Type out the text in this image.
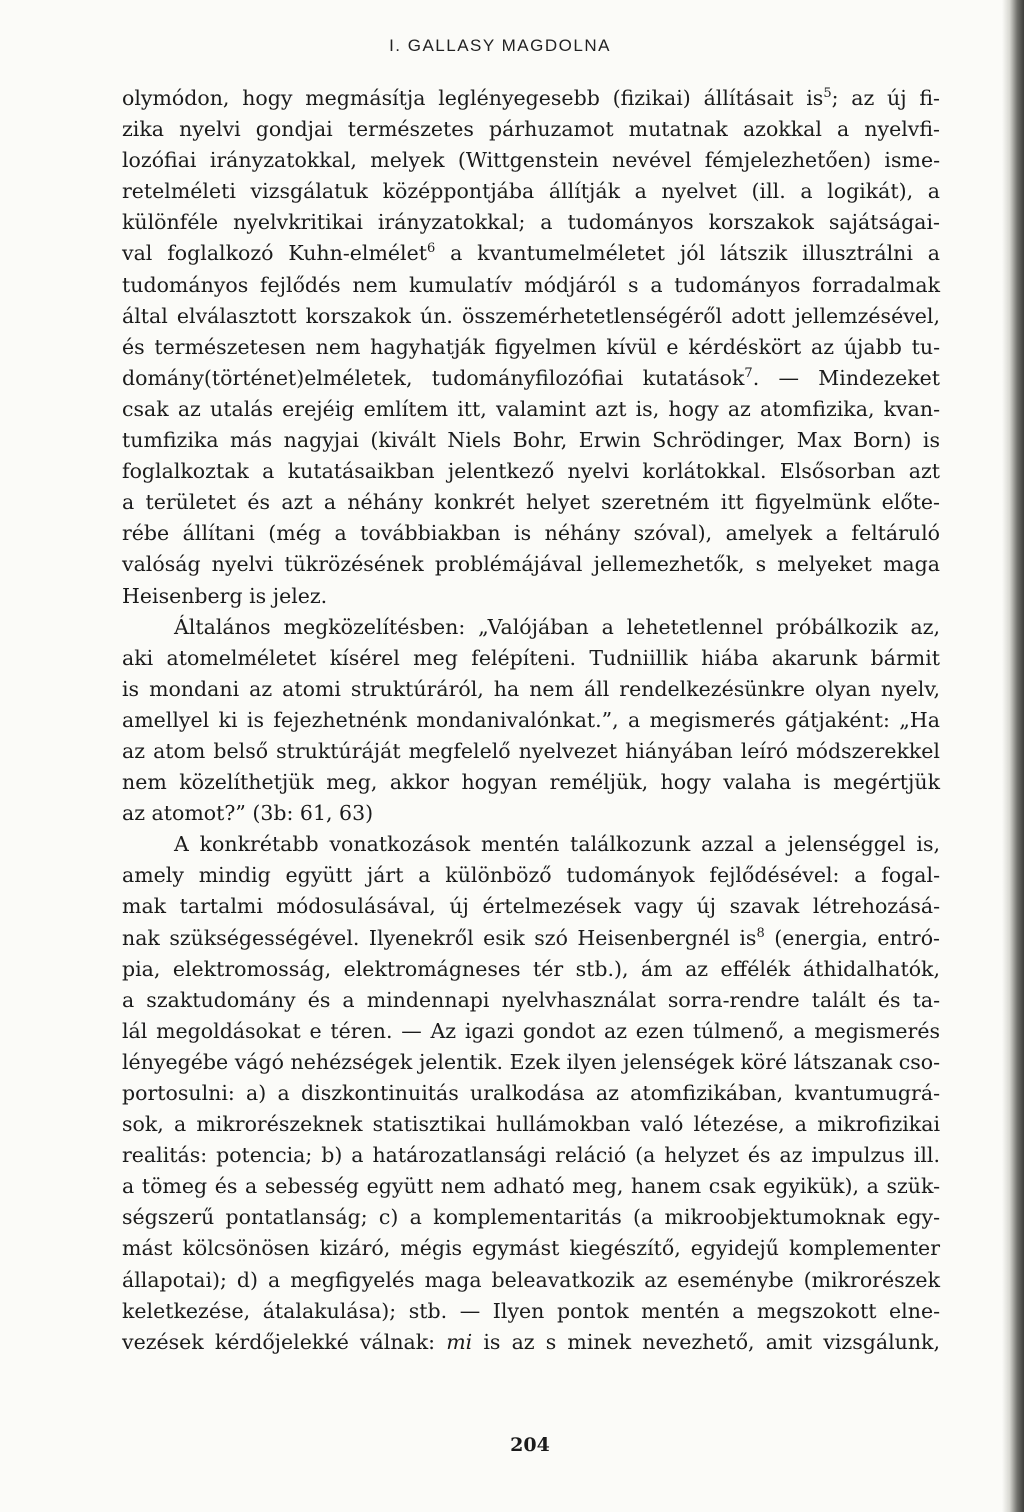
I. GALLASY MAGDOLNA
olymódon, hogy megmásítja leglényegesebb (fizikai) állításait $is^5$; az új fi-
zika nyelvi gondjai természetes párhuzamot mutatnak azokkal a nyelvfi-
lozófiai irányzatokkal, melyek (Wittgenstein nevével fémjelezhetően) isme-
retelméleti vizsgálatuk középpontjába állítják a nyelvet (ill. a logikát), a
különféle nyelvkritikai irányzatokkal; a tudományos korszakok sajátságai-
val foglalkozó Kuhn-elmélet$^6$ a kvantumelméletet jól látszik illusztrálni a
tudományos fejlődés nem kumulatív módjáról s a tudományos forradalmak
által elválasztott korszakok ún. összemérhetetlenségéről adott jellemzésével,
és természetesen nem hagyhatják figyelmen kívül e kérdéskört az újabb tu-
domány(történet)elméletek, tudományfilozófiai kutatások$^7$. — Mindezeket
csak az utalás erejéig említem itt, valamint azt is, hogy az atomfizika, kvan-
tumfizika más nagyjai (kivált Niels Bohr, Erwin Schrödinger, Max Born) is
foglalkoztak a kutatásaikban jelentkező nyelvi korlátokkal. Elsősorban azt
a területet és azt a néhány konkrét helyet szeretném itt figyelmünk előte-
rébe állítani (még a továbbiakban is néhány szóval), amelyek a feltáruló
valóság nyelvi tükrözésének problémájával jellemezhetők, s melyeket maga
Heisenberg is jelez.
Általános megközelítésben: „Valójában a lehetetlennel próbálkozik az,
aki atomelméletet kísérel meg felépíteni. Tudniillik hiába akarunk bármit
is mondani az atomi struktúráról, ha nem áll rendelkezésünkre olyan nyelv,
amellyel ki is fejezhetnénk mondanivalónkat.”, a megismerés gátjaként: „Ha
az atom belső struktúráját megfelelő nyelvezet hiányában leíró módszerekkel
nem közelíthetjük meg, akkor hogyan reméljük, hogy valaha is megértjük
az atomot?” (3b: 61, 63)
A konkrétabb vonatkozások mentén találkozunk azzal a jelenséggel is,
amely mindig együtt járt a különböző tudományok fejlődésével: a fogal-
mak tartalmi módosulásával, új értelmezések vagy új szavak létrehozásá-
nak szükségességével. Ilyenekről esik szó Heisenbergnél $is^8$ (energia, entró-
pia, elektromosság, elektromágneses tér stb.), ám az effélék áthidalhatók,
a szaktudomány és a mindennapi nyelvhasználat sorra-rendre talált és ta-
lál megoldásokat e téren. — Az igazi gondot az ezen túlmenő, a megismerés
lényegébe vágó nehézségek jelentik. Ezek ilyen jelenségek köré látszanak cso-
portosulni: a) a diszkontinuitás uralkodása az atomfizikában, kvantumugrá-
sok, a mikrorészeknek statisztikai hullámokban való létezése, a mikrofizikai
realitás: potencia; b) a határozatlansági reláció (a helyzet és az impulzus ill.
a tömeg és a sebesség együtt nem adható meg, hanem csak egyikük), a szük-
ségszerű pontatlanság; c) a komplementaritás (a mikroobjektumoknak egy-
mást kölcsönösen kizáró, mégis egymást kiegészítő, egyidejű komplementer
állapotai); d) a megfigyelés maga beleavatkozik az eseménybe (mikrorészek
keletkezése, átalakulása); stb. — Ilyen pontok mentén a megszokott elne-
vezések kérdőjelekké válnak: mi is az s minek nevezhető, amit vizsgálunk,
204
